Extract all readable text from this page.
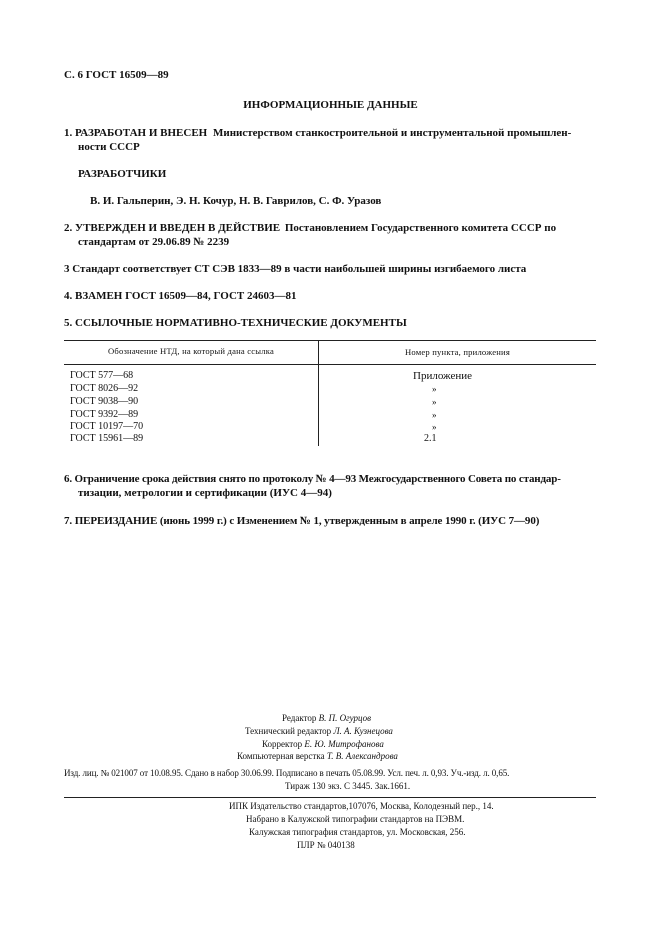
С. 6 ГОСТ 16509—89
ИНФОРМАЦИОННЫЕ ДАННЫЕ
1. РАЗРАБОТАН И ВНЕСЕН Министерством станкостроительной и инструментальной промышлен-
ности СССР
РАЗРАБОТЧИКИ
В. И. Гальперин, Э. Н. Кочур, Н. В. Гаврилов, С. Ф. Уразов
2. УТВЕРЖДЕН И ВВЕДЕН В ДЕЙСТВИЕ Постановлением Государственного комитета СССР по
стандартам от 29.06.89 № 2239
3 Стандарт соответствует СТ СЭВ 1833—89 в части наибольшей ширины изгибаемого листа
4. ВЗАМЕН ГОСТ 16509—84, ГОСТ 24603—81
5. ССЫЛОЧНЫЕ НОРМАТИВНО-ТЕХНИЧЕСКИЕ ДОКУМЕНТЫ
Обозначение НТД, на который дана ссылка	Номер пункта, приложения
ГОСТ 577—68	Приложение
ГОСТ 8026—92	»
ГОСТ 9038—90	»
ГОСТ 9392—89	»
ГОСТ 10197—70	»
ГОСТ 15961—89	2.1
6. Ограничение срока действия снято по протоколу № 4—93 Межгосударственного Совета по стандар-
тизации, метрологии и сертификации (ИУС 4—94)
7. ПЕРЕИЗДАНИЕ (июнь 1999 г.) с Изменением № 1, утвержденным в апреле 1990 г. (ИУС 7—90)
Редактор В. П. Огурцов
Технический редактор Л. А. Кузнецова
Корректор Е. Ю. Митрофанова
Компьютерная верстка Т. В. Александрова
Изд. лиц. № 021007 от 10.08.95. Сдано в набор 30.06.99. Подписано в печать 05.08.99. Усл. печ. л. 0,93. Уч.-изд. л. 0,65.
Тираж 130 экз. С 3445. Зак.1661.
ИПК Издательство стандартов,107076, Москва, Колодезный пер., 14.
Набрано в Калужской типографии стандартов на ПЭВМ.
Калужская типография стандартов, ул. Московская, 256.
ПЛР № 040138
